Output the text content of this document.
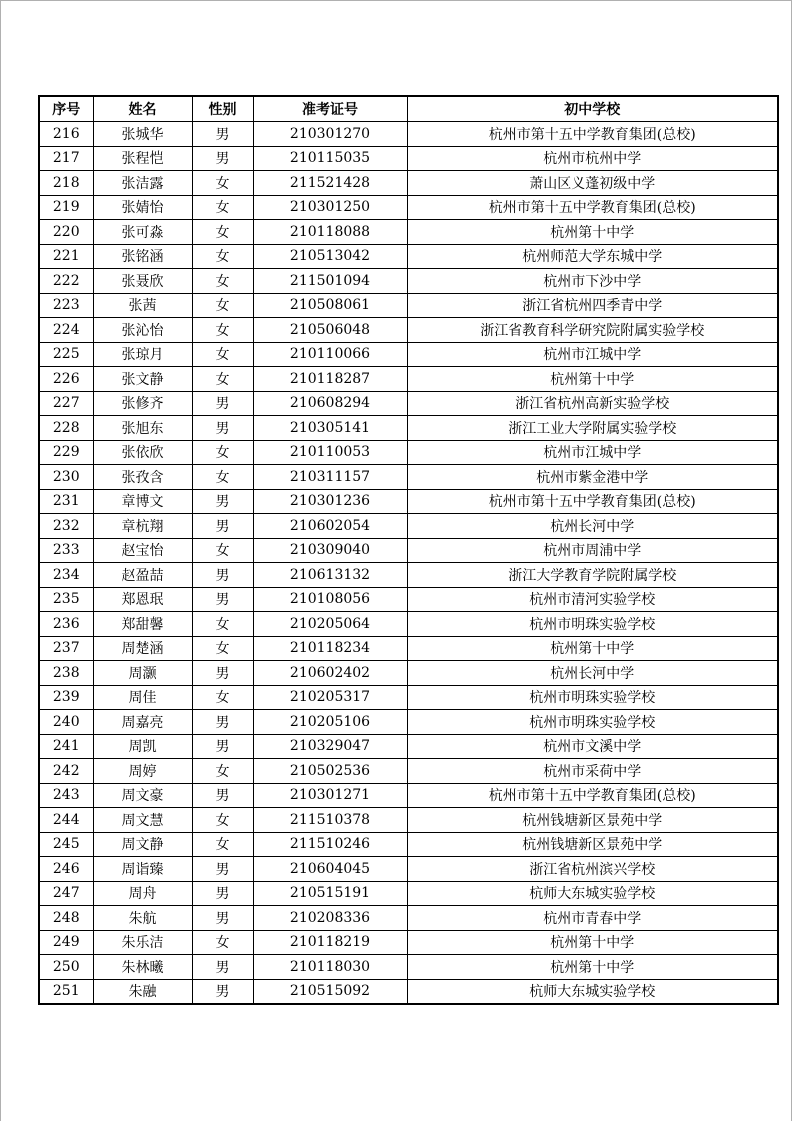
序号	姓名	性别	准考证号	初中学校
216	张城华	男	210301270	杭州市第十五中学教育集团(总校)
217	张程恺	男	210115035	杭州市杭州中学
218	张洁露	女	211521428	萧山区义蓬初级中学
219	张婧怡	女	210301250	杭州市第十五中学教育集团(总校)
220	张可淼	女	210118088	杭州第十中学
221	张铭涵	女	210513042	杭州师范大学东城中学
222	张聂欣	女	211501094	杭州市下沙中学
223	张茜	女	210508061	浙江省杭州四季青中学
224	张沁怡	女	210506048	浙江省教育科学研究院附属实验学校
225	张琼月	女	210110066	杭州市江城中学
226	张文静	女	210118287	杭州第十中学
227	张修齐	男	210608294	浙江省杭州高新实验学校
228	张旭东	男	210305141	浙江工业大学附属实验学校
229	张依欣	女	210110053	杭州市江城中学
230	张孜含	女	210311157	杭州市紫金港中学
231	章博文	男	210301236	杭州市第十五中学教育集团(总校)
232	章杭翔	男	210602054	杭州长河中学
233	赵宝怡	女	210309040	杭州市周浦中学
234	赵盈喆	男	210613132	浙江大学教育学院附属学校
235	郑恩珉	男	210108056	杭州市清河实验学校
236	郑甜馨	女	210205064	杭州市明珠实验学校
237	周楚涵	女	210118234	杭州第十中学
238	周灏	男	210602402	杭州长河中学
239	周佳	女	210205317	杭州市明珠实验学校
240	周嘉亮	男	210205106	杭州市明珠实验学校
241	周凯	男	210329047	杭州市文溪中学
242	周婷	女	210502536	杭州市采荷中学
243	周文豪	男	210301271	杭州市第十五中学教育集团(总校)
244	周文慧	女	211510378	杭州钱塘新区景苑中学
245	周文静	女	211510246	杭州钱塘新区景苑中学
246	周诣臻	男	210604045	浙江省杭州滨兴学校
247	周舟	男	210515191	杭师大东城实验学校
248	朱航	男	210208336	杭州市青春中学
249	朱乐洁	女	210118219	杭州第十中学
250	朱林曦	男	210118030	杭州第十中学
251	朱融	男	210515092	杭师大东城实验学校
